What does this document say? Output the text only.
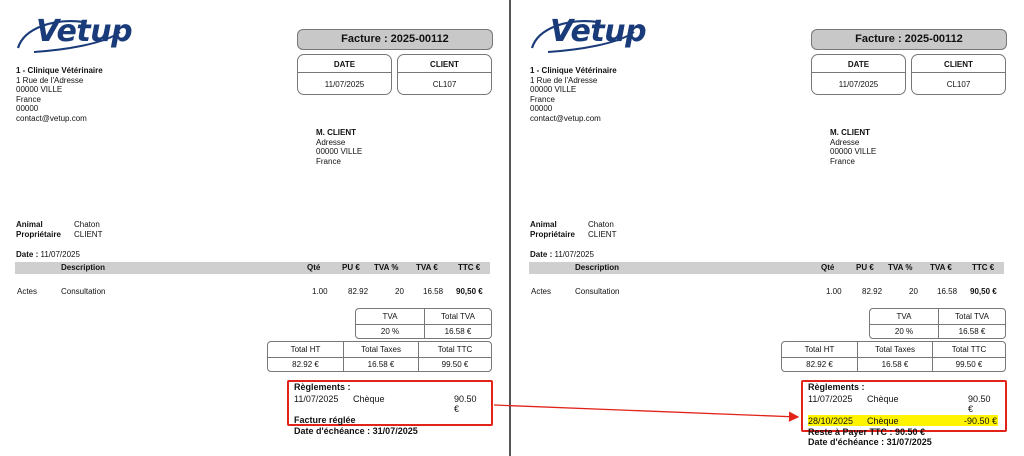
Vetup
1 - Clinique Vétérinaire
1 Rue de l'Adresse
00000 VILLE
France
00000
contact@vetup.com
Facture : 2025-00112
DATE
11/07/2025
CLIENT
CL107
M. CLIENT
Adresse
00000 VILLE
France
Animal	Chaton
Propriétaire CLIENT
Date : 11/07/2025
Description	Qté	PU € TVA % TVA €	TTC €
Actes	Consultation	1.00	82.92	20 16.58 90,50 €
TVA	Total TVA
20 %	16.58 €
Total HT	Total Taxes	Total TTC
82.92 €	16.58 €	99.50 €
Règlements :
11/07/2025 Chèque	90.50 €
Facture réglée
Date d'échéance : 31/07/2025
Vetup
1 - Clinique Vétérinaire
1 Rue de l'Adresse
00000 VILLE
France
00000
contact@vetup.com
Facture : 2025-00112
DATE
11/07/2025
CLIENT
CL107
M. CLIENT
Adresse
00000 VILLE
France
Animal	Chaton
Propriétaire CLIENT
Date : 11/07/2025
Description	Qté	PU € TVA % TVA €	TTC €
Actes	Consultation	1.00	82.92	20 16.58 90,50 €
TVA	Total TVA
20 %	16.58 €
Total HT	Total Taxes	Total TTC
82.92 €	16.58 €	99.50 €
Règlements :
11/07/2025 Chèque	90.50 €
28/10/2025 Chèque	-90.50 €
Reste à Payer TTC : 90.50 €
Date d'échéance : 31/07/2025
